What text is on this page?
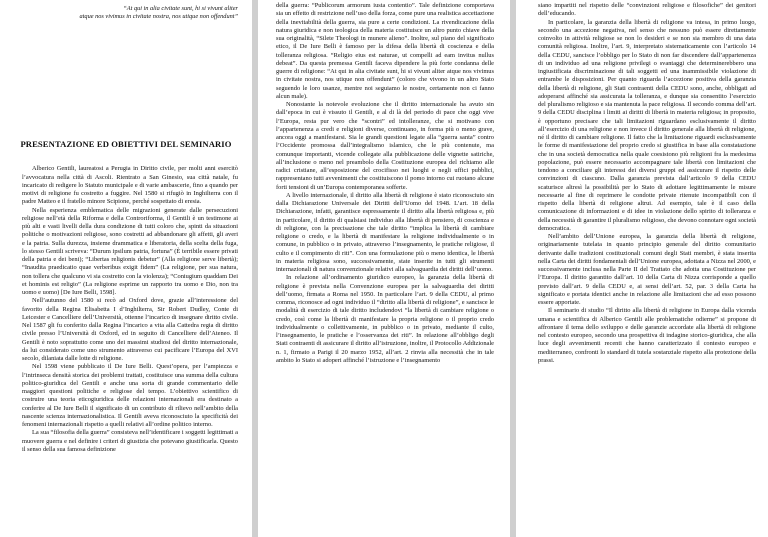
“At qui in alia civitate sunt, hi si vivunt aliter
atque nos vivimus in civitate nostra, nos utique non offendunt”
PRESENTAZIONE ED OBIETTIVI DEL SEMINARIO

Alberico Gentili, laureatosi a Perugia in Diritto civile, per molti anni esercitò l’avvocatura nella città di Ascoli. Rientrato a San Ginesio, sua città natale, fu incaricato di redigere lo Statuto municipale e di varie ambascerie, fino a quando per motivi di religione fu costretto a fuggire. Nel 1580 si rifugiò in Inghilterra con il padre Matteo e il fratello minore Scipione, perché sospettato di eresia.

Nella esperienza emblematica delle migrazioni generate dalle persecuzioni religiose nell’età della Riforma e della Controriforma, il Gentili è un testimone ai più alti e vasti livelli della dura condizione di tutti coloro che, spinti da situazioni politiche o motivazioni religiose, sono costretti ad abbandonare gli affetti, gli averi e la patria. Sulla durezza, insieme drammatica e liberatoria, della scelta della fuga, lo stesso Gentili scriveva: “Durum ipsilum patria, fortuna” (È terribile essere privati della patria e dei beni); “Libertas religionis debetur” (Alla religione serve libertà); “Inaudita praedicatio quae verberibus exigit fidem” (La religione, per sua natura, non tollera che qualcuno vi sia costretto con la violenza); “Coniugium quaddam Dei et hominis est religio” (La religione esprime un rapporto tra uomo e Dio, non tra uomo e uomo) [De Iure Belli, 1598].

Nell’autunno del 1580 si recò ad Oxford dove, grazie all’interessione del favorito della Regina Elisabetta I d’Inghilterra, Sir Robert Dudley, Conte di Leicester e Cancelliere dell’Università, ottenne l’incarico di insegnare diritto civile. Nel 1587 gli fu conferito dalla Regina l’incarico a vita alla Cattedra regia di diritto civile presso l’Università di Oxford, ed in seguito di Cancelliere dell’Ateneo. Il Gentili è noto soprattutto come uno dei massimi studiosi del diritto internazionale, da lui considerato come uno strumento attraverso cui pacificare l’Europa del XVI secolo, dilaniata dalle lotte di religione.

Nel 1598 viene pubblicato il De Iure Belli. Quest’opera, per l’ampiezza e l’intrinseca densità storica dei problemi trattati, costituisce una summa della cultura politico-giuridica del Gentili e anche una sorta di grande commentario delle maggiori questioni politiche e religiose del tempo. L’obiettivo scientifico di costruire una teoria eticogiuridica delle relazioni internazionali era destinato a conferire al De Iure Belli il significato di un contributo di rilievo nell’ambito della nascente scienza internazionalistica. Il Gentili aveva riconosciuto la specificità dei fenomeni internazionali rispetto a quelli relativi all’ordine politico interno.

La sua “filosofia della guerra” consisteva nell’identificare i soggetti legittimati a muovere guerra e nel definire i criteri di giustizia che potevano giustificarla. Questo il senso della sua famosa definizione

della guerra: “Publicorum armorum iusta contentio”. Tale definizione comportava sia un effetto di restrizione nell’uso della forza, come pure una realistica accettazione della inevitabilità della guerra, sia pure a certe condizioni. La rivendicazione della natura giuridica e non teologica della materia costituisce un altro punto chiave della sua originalità, “Silete Theologi in munere alieno”. Inoltre, sul piano del significato etico, il De Iure Belli è famoso per la difesa della libertà di coscienza e della tolleranza religiosa. “Religio eius est naturae, ut compelli ad eam invitus nullus debeat”. Da questa premessa Gentili faceva dipendere la più forte condanna delle guerre di religione: “At qui in alia civitate sunt, hi si vivunt aliter atque nos vivimus in civitate nostra, nos utique non offendunt” (coloro che vivono in un altro Stato seguendo le loro usanze, mentre noi seguiamo le nostre, certamente non ci fanno alcun male).

Nonostante la notevole evoluzione che il diritto internazionale ha avuto sin dall’epoca in cui è vissuto il Gentili, e al di là del periodo di pace che oggi vive l’Europa, resta pur vero che “scontri” ed intolleranze, che si motivano con l’appartenenza a credi e religioni diverse, continuano, in forma più o meno grave, ancora oggi a manifestarsi. Sia le grandi questioni legate alla “guerra santa” contro l’Occidente promossa dall’integralismo islamico, che le più contenute, ma comunque importanti, vicende collegate alla pubblicazione delle vignette satiriche, all’inclusione o meno nel preambolo della Costituzione europea del richiamo alle radici cristiane, all’esposizione del crocifisso nei luoghi e negli uffici pubblici, rappresentano tutti avvenimenti che costituiscono il pomo intorno cui ruotano alcune forti tensioni di un’Europa contemporanea sofferte.

A livello internazionale, il diritto alla libertà di religione è stato riconosciuto sin dalla Dichiarazione Universale dei Diritti dell’Uomo del 1948. L’art. 18 della Dichiarazione, infatti, garantisce espressamente il diritto alla libertà religiosa e, più in particolare, il diritto di qualsiasi individuo alla libertà di pensiero, di coscienza e di religione, con la precisazione che tale diritto “implica la libertà di cambiare religione o credo, e la libertà di manifestare la religione individualmente o in comune, in pubblico o in privato, attraverso l’insegnamento, le pratiche religiose, il culto e il compimento di riti”. Con una formulazione più o meno identica, le libertà in materia religiosa sono, successivamente, state inserite in tutti gli strumenti internazionali di natura convenzionale relativi alla salvaguardia dei diritti dell’uomo.

In relazione all’ordinamento giuridico europeo, la garanzia della libertà di religione è prevista nella Convenzione europea per la salvaguardia dei diritti dell’uomo, firmata a Roma nel 1950. In particolare l’art. 9 della CEDU, al primo comma, riconosce ad ogni individuo il “diritto alla libertà di religione”, e sancisce le modalità di esercizio di tale diritto includendovi “la libertà di cambiare religione o credo, così come la libertà di manifestare la propria religione o il proprio credo individualmente o collettivamente, in pubblico o in privato, mediante il culto, l’insegnamento, le pratiche e l’osservanza dei riti”. In relazione all’obbligo degli Stati contraenti di assicurare il diritto all’istruzione, inoltre, il Protocollo Addizionale n. 1, firmato a Parigi il 20 marzo 1952, all’art. 2 rinvia alla necessità che in tale ambito lo Stato si adoperi affinché l’istruzione e l’insegnamento

siano impartiti nel rispetto delle “convinzioni religiose e filosofiche” dei genitori dell’educando.

In particolare, la garanzia della libertà di religione va intesa, in primo luogo, secondo una accezione negativa, nel senso che nessuno può essere direttamente coinvolto in attività religiose se non lo desideri e se non sia membro di una data comunità religiosa. Inoltre, l’art. 9, interpretato sistematicamente con l’articolo 14 della CEDU, sancisce l’obbligo per lo Stato di non far discendere dall’appartenenza di un individuo ad una religione privilegi o svantaggi che determinerebbero una ingiustificata discriminazione di tali soggetti ed una inammissibile violazione di entrambe le disposizioni. Per quanto riguarda l’accezione positiva della garanzia della libertà di religione, gli Stati contraenti della CEDU sono, anche, obbligati ad adoperarsi affinché sia assicurata la tolleranza, e dunque sia consentito l’esercizio del pluralismo religioso e sia mantenuta la pace religiosa. Il secondo comma dell’art. 9 della CEDU disciplina i limiti ai diritti di libertà in materia religiosa; in proposito, è opportuno precisare che tali limitazioni riguardano esclusivamente il diritto all’esercizio di una religione e non invece il diritto generale alla libertà di religione, né il diritto di cambiare religione. Il fatto che la limitazione riguardi esclusivamente le forme di manifestazione del proprio credo si giustifica in base alla constatazione che in una società democratica nella quale coesistono più religioni fra la medesima popolazione, può essere necessario accompagnare tale libertà con limitazioni che tendono a conciliare gli interessi dei diversi gruppi ed assicurare il rispetto delle convinzioni di ciascuno. Dalla garanzia prevista dall’articolo 9 della CEDU scaturisce altresì la possibilità per lo Stato di adottare legittimamente le misure necessarie al fine di reprimere le condotte private ritenute incompatibili con il rispetto della libertà di religione altrui. Ad esempio, tale è il caso della comunicazione di informazioni e di idee in violazione dello spirito di tolleranza e della necessità di garantire il pluralismo religioso, che devono connotare ogni società democratica.

Nell’ambito dell’Unione europea, la garanzia della libertà di religione, originariamente tutelata in quanto principio generale del diritto comunitario derivante dalle tradizioni costituzionali comuni degli Stati membri, è stata inserita nella Carta dei diritti fondamentali dell’Unione europea, adottata a Nizza nel 2000, e successivamente inclusa nella Parte II del Trattato che adotta una Costituzione per l’Europa. Il diritto garantito dall’art. 10 della Carta di Nizza corrisponde a quello previsto dall’art. 9 della CEDU e, ai sensi dell’art. 52, par. 3 della Carta ha significato e portata identici anche in relazione alle limitazioni che ad esso possono essere apportate.

Il seminario di studio “Il diritto alla libertà di religione in Europa dalla vicenda umana e scientifica di Alberico Gentili alle problematiche odierne” si propone di affrontare il tema dello sviluppo e delle garanzie accordate alla libertà di religione nel contesto europeo, secondo una prospettiva di indagine storico-giuridica, che alla luce degli avvenimenti recenti che hanno caratterizzato il contesto europeo e mediterraneo, confronti lo standard di tutela sostanziale rispetto alla protezione della prassi.
